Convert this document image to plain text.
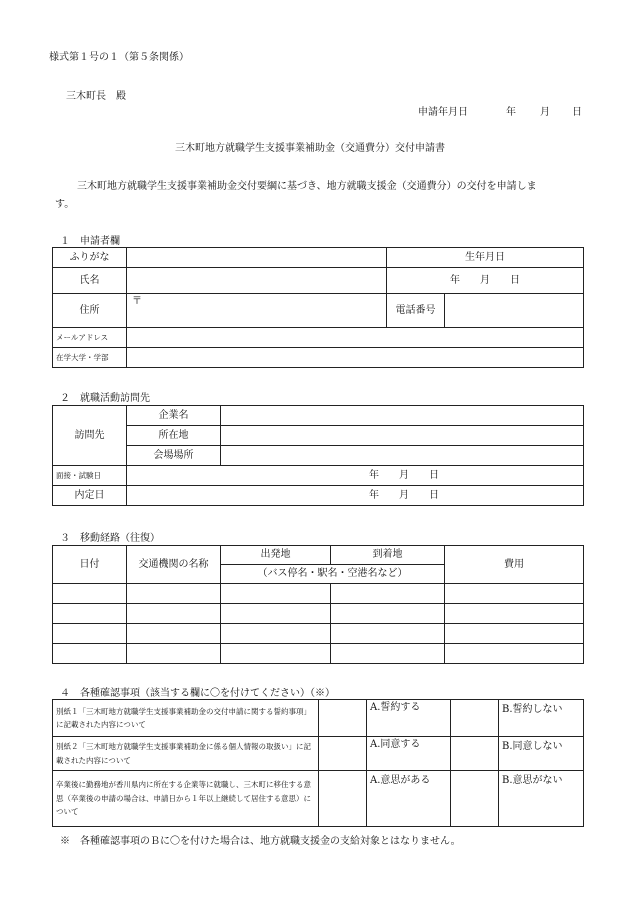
様式第１号の１（第５条関係）
三木町長　殿
申請年月日	年 月 日
三木町地方就職学生支援事業補助金（交通費分）交付申請書
三木町地方就職学生支援事業補助金交付要綱に基づき、地方就職支援金（交通費分）の交付を申請しま
す。
１　申請者欄
ふりがな		生年月日	
氏名		年　　月　　日	
住所	〒	電話番号	
メールアドレス			
在学大学・学部			
２　就職活動訪問先
訪問先	企業名	
	所在地	
	会場場所	
面接・試験日	年　　月　　日	
内定日	年　　月　　日	
３　移動経路（往復）
日付	交通機関の名称	出発地	到着地	費用
		（バス停名・駅名・空港名など）		

４　各種確認事項（該当する欄に〇を付けてください）（※）
別紙１「三木町地方就職学生支援事業補助金の交付申請に関する誓約事項」に記載された内容について		A.誓約する		B.誓約しない
別紙２「三木町地方就職学生支援事業補助金に係る個人情報の取扱い」に記載された内容について		A.同意する		B.同意しない
卒業後に勤務地が香川県内に所在する企業等に就職し、三木町に移住する意思（卒業後の申請の場合は、申請日から１年以上継続して居住する意思）について		A.意思がある		B.意思がない
※　各種確認事項のＢに〇を付けた場合は、地方就職支援金の支給対象とはなりません。
